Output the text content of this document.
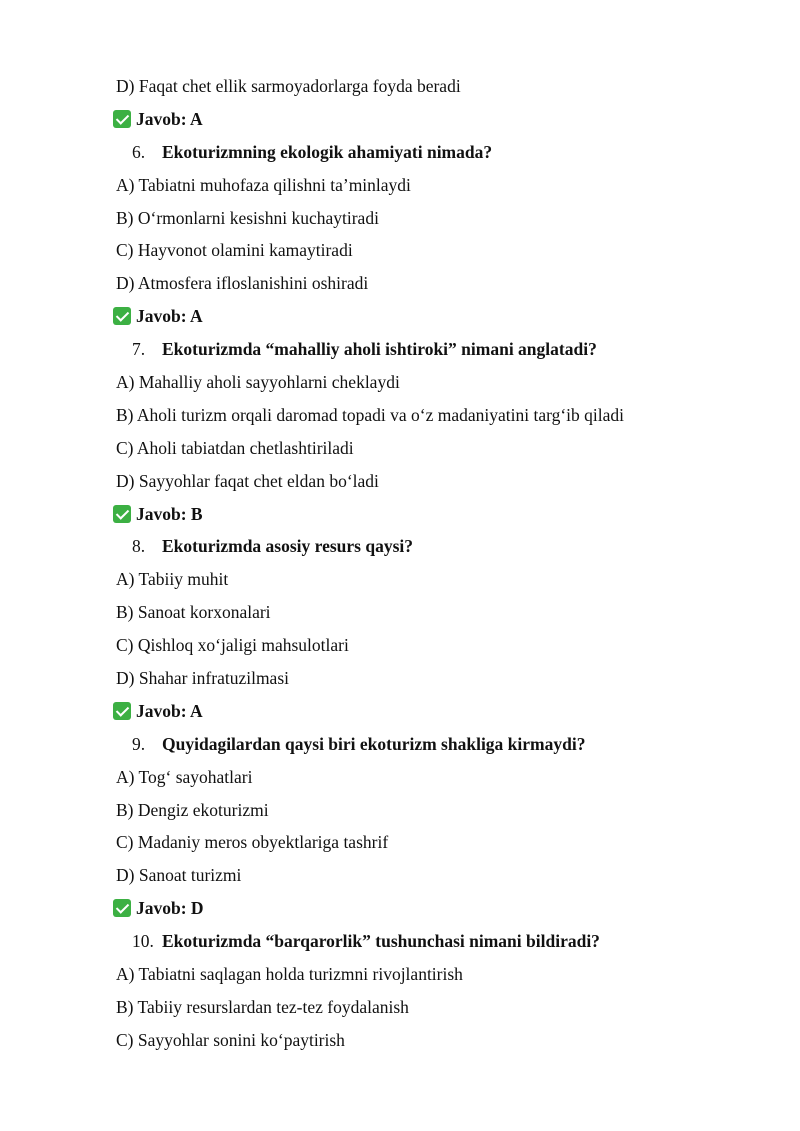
D) Faqat chet ellik sarmoyadorlarga foyda beradi
Javob: A
6. Ekoturizmning ekologik ahamiyati nimada?
A) Tabiatni muhofaza qilishni ta’minlaydi
B) O‘rmonlarni kesishni kuchaytiradi
C) Hayvonot olamini kamaytiradi
D) Atmosfera ifloslanishini oshiradi
Javob: A
7. Ekoturizmda “mahalliy aholi ishtiroki” nimani anglatadi?
A) Mahalliy aholi sayyohlarni cheklaydi
B) Aholi turizm orqali daromad topadi va o‘z madaniyatini targ‘ib qiladi
C) Aholi tabiatdan chetlashtiriladi
D) Sayyohlar faqat chet eldan bo‘ladi
Javob: B
8. Ekoturizmda asosiy resurs qaysi?
A) Tabiiy muhit
B) Sanoat korxonalari
C) Qishloq xo‘jaligi mahsulotlari
D) Shahar infratuzilmasi
Javob: A
9. Quyidagilardan qaysi biri ekoturizm shakliga kirmaydi?
A) Tog‘ sayohatlari
B) Dengiz ekoturizmi
C) Madaniy meros obyektlariga tashrif
D) Sanoat turizmi
Javob: D
10. Ekoturizmda “barqarorlik” tushunchasi nimani bildiradi?
A) Tabiatni saqlagan holda turizmni rivojlantirish
B) Tabiiy resurslardan tez-tez foydalanish
C) Sayyohlar sonini ko‘paytirish
